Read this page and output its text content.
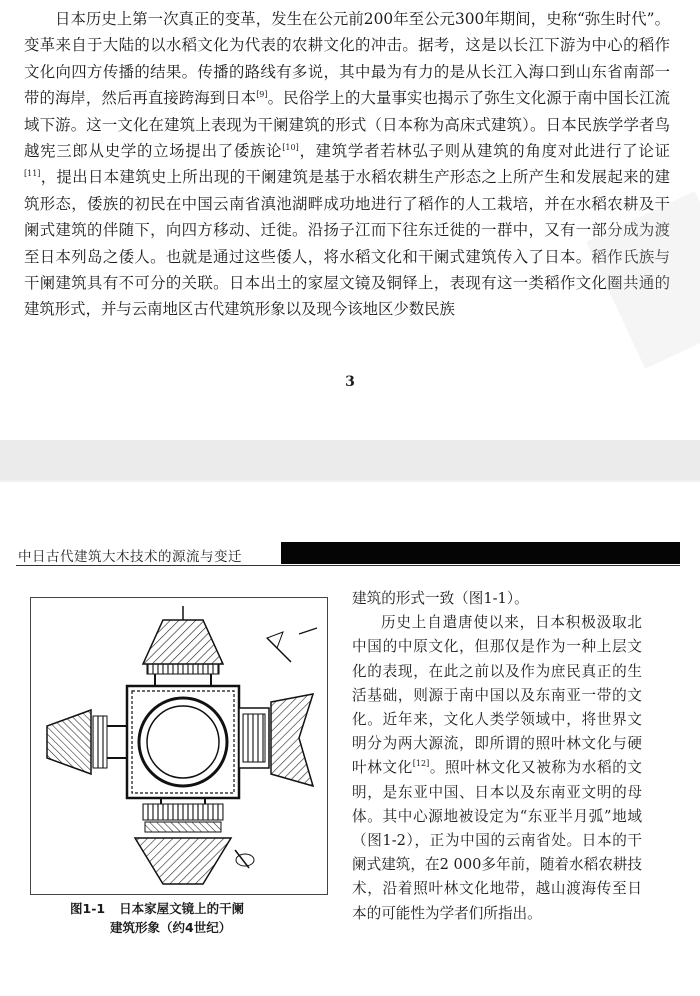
日本历史上第一次真正的变革，发生在公元前200年至公元300年期间，史称“弥生时代”。变革来自于大陆的以水稻文化为代表的农耕文化的冲击。据考，这是以长江下游为中心的稻作文化向四方传播的结果。传播的路线有多说，其中最为有力的是从长江入海口到山东省南部一带的海岸，然后再直接跨海到日本[9]。民俗学上的大量事实也揭示了弥生文化源于南中国长江流域下游。这一文化在建筑上表现为干阑建筑的形式（日本称为高床式建筑）。日本民族学学者鸟越宪三郎从史学的立场提出了倭族论[10]，建筑学者若林弘子则从建筑的角度对此进行了论证[11]，提出日本建筑史上所出现的干阑建筑是基于水稻农耕生产形态之上所产生和发展起来的建筑形态，倭族的初民在中国云南省滇池湖畔成功地进行了稻作的人工栽培，并在水稻农耕及干阑式建筑的伴随下，向四方移动、迁徙。沿扬子江而下往东迁徙的一群中，又有一部分成为渡至日本列岛之倭人。也就是通过这些倭人，将水稻文化和干阑式建筑传入了日本。稻作氏族与干阑建筑具有不可分的关联。日本出土的家屋文镜及铜铎上，表现有这一类稻作文化圈共通的建筑形式，并与云南地区古代建筑形象以及现今该地区少数民族

3
中日古代建筑大木技术的源流与变迁
图1-1 日本家屋文镜上的干阑
建筑形象（约4世纪）

建筑的形式一致（图1-1）。

历史上自遣唐使以来，日本积极汲取北中国的中原文化，但那仅是作为一种上层文化的表现，在此之前以及作为庶民真正的生活基础，则源于南中国以及东南亚一带的文化。近年来，文化人类学领域中，将世界文明分为两大源流，即所谓的照叶林文化与硬叶林文化[12]。照叶林文化又被称为水稻的文明，是东亚中国、日本以及东南亚文明的母体。其中心源地被设定为“东亚半月弧”地域（图1-2），正为中国的云南省处。日本的干阑式建筑，在2 000多年前，随着水稻农耕技术，沿着照叶林文化地带，越山渡海传至日本的可能性为学者们所指出。
